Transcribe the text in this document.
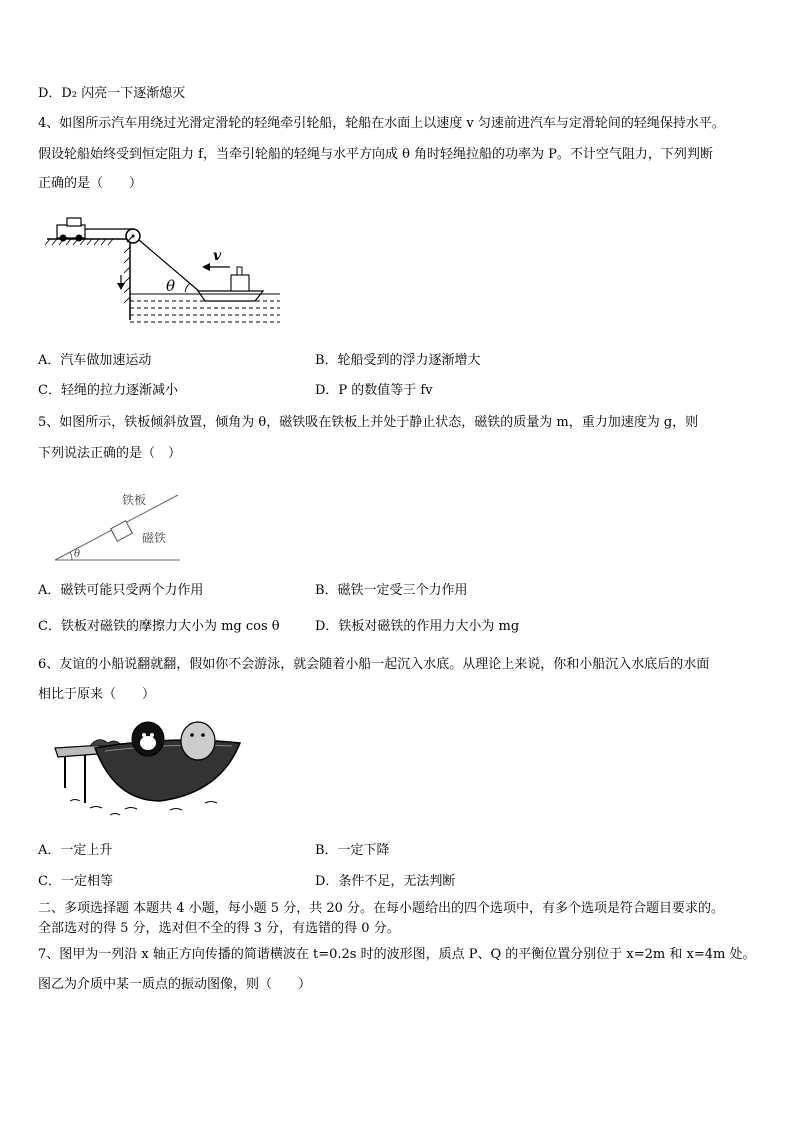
D．D₂ 闪亮一下逐渐熄灭
4、如图所示汽车用绕过光滑定滑轮的轻绳牵引轮船，轮船在水面上以速度 v 匀速前进汽车与定滑轮间的轻绳保持水平。
假设轮船始终受到恒定阻力 f，当牵引轮船的轻绳与水平方向成 θ 角时轻绳拉船的功率为 P。不计空气阻力，下列判断
正确的是（　　）
θ
v
A．汽车做加速运动	B．轮船受到的浮力逐渐增大
C．轻绳的拉力逐渐减小	D．P 的数值等于 fv
5、如图所示，铁板倾斜放置，倾角为 θ，磁铁吸在铁板上并处于静止状态，磁铁的质量为 m，重力加速度为 g，则
下列说法正确的是（　）
θ
铁板
磁铁
A．磁铁可能只受两个力作用	B．磁铁一定受三个力作用
C．铁板对磁铁的摩擦力大小为 mg cos θ	D．铁板对磁铁的作用力大小为 mg
6、友谊的小船说翻就翻，假如你不会游泳，就会随着小船一起沉入水底。从理论上来说，你和小船沉入水底后的水面
相比于原来（　　）
A．一定上升	B．一定下降
C．一定相等	D．条件不足，无法判断
二、多项选择题 本题共 4 小题，每小题 5 分，共 20 分。在每小题给出的四个选项中，有多个选项是符合题目要求的。
全部选对的得 5 分，选对但不全的得 3 分，有选错的得 0 分。
7、图甲为一列沿 x 轴正方向传播的简谐横波在 t=0.2s 时的波形图，质点 P、Q 的平衡位置分别位于 x=2m 和 x=4m 处。
图乙为介质中某一质点的振动图像，则（　　）
